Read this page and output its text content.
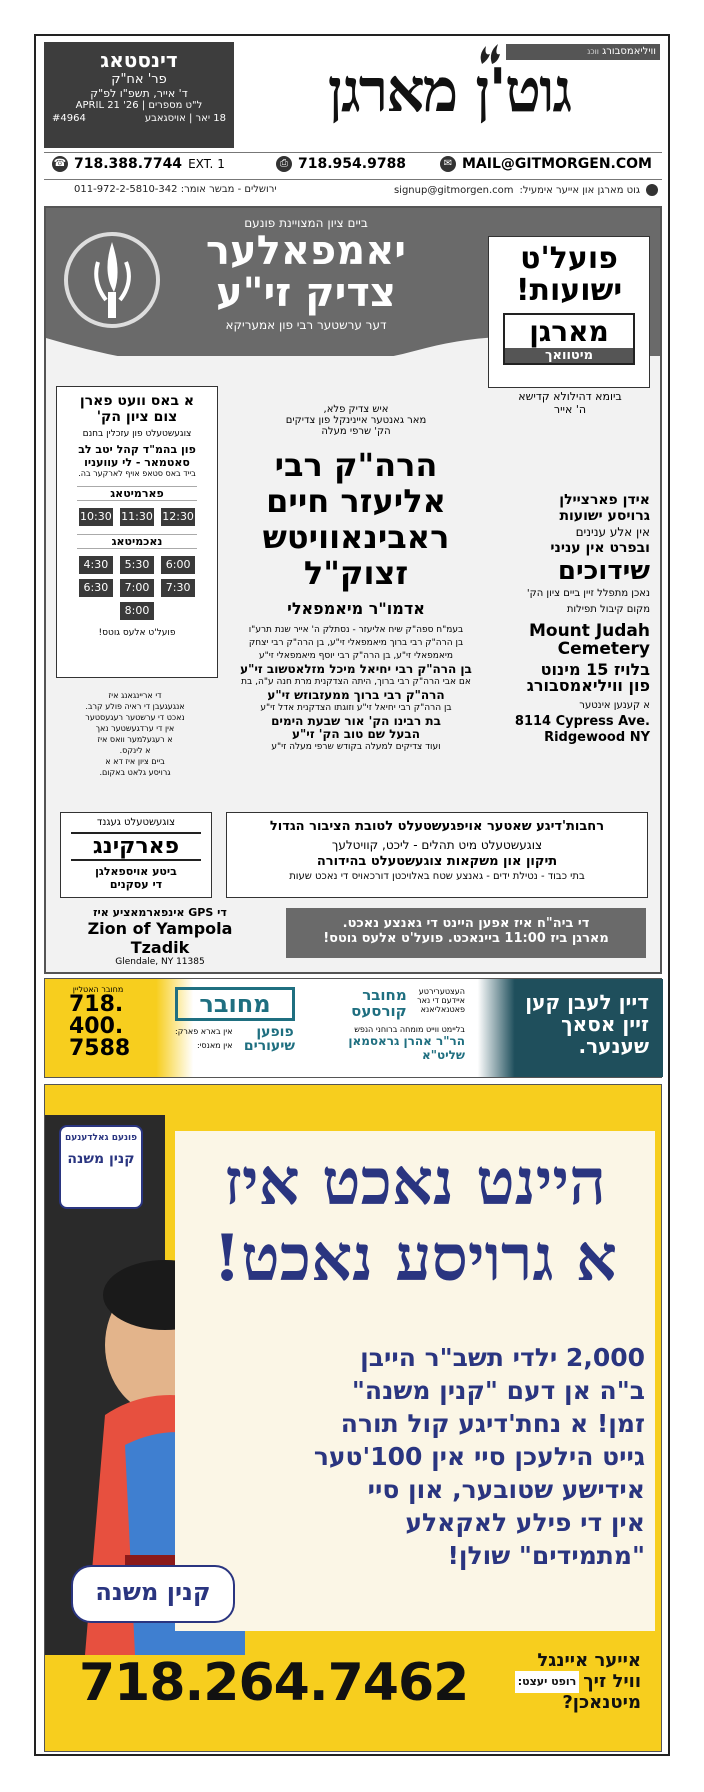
דינסטאג
פר' אח"ק
ד' אייר, תשפ"ו לפ"ק
APRIL 21 '26 | ל"ט מספרים
#4964	18 יאר | אויסגאבע
וויליאמסבורג ווכנ
גוט'ן מארגן
☎ 718.388.7744 EXT. 1	⎙ 718.954.9788	✉ MAIL@GITMORGEN.COM
גוט מארגן און אייער אימעיל:
signup@gitmorgen.com
ירושלים - מבשר אומר: 011-972-2-5810-342
ביים ציון המצויינת פונעם
יאמפאלער
צדיק זי"ע
דער ערשטער רבי פון אמעריקא
פועל'ט
ישועות!
מארגן
מיטוואך
ביומא דהילולא קדישא
ה' אייר
אידן פארציילן
גרויסע ישועות
אין אלע ענינים
ובפרט אין עניני
שידוכים
נאכן מתפלל זיין ביים ציון הק'
מקום קיבול תפילות
Mount Judah Cemetery
בלויז 15 מינוט
פון וויליאמסבורג
א קענען אינטער
8114 Cypress Ave.
Ridgewood NY
איש צדיק פלא,
מאר גאנטער איינינקל פון צדיקים
הק' שרפי מעלה
הרה"ק רבי
אליעזר חיים
ראבינאוויטש
זצוק"ל
אדמו"ר מיאמפאלי
בעמ"ח ספה"ק שיח אליעזר - נסתלק ה' אייר שנת תרע"ו
בן הרה"ק רבי ברוך מיאמפאלי זי"ע, בן הרה"ק רבי יצחק
מיאמפאלי זי"ע, בן הרה"ק רבי יוסף מיאמפאלי זי"ע
בן הרה"ק רבי יחיאל מיכל מזלאטשוב זי"ע
אם אבי הרה"ק רבי ברוך, היתה הצדקנית מרת חנה ע"ה, בת
הרה"ק רבי ברוך ממעזבוזש זי"ע
בן הרה"ק רבי יחיאל זי"ע וזוגתו הצדקנית אדל זי"ע
בת רבינו הק' אור שבעת הימים
הבעל שם טוב הק' זי"ע
ועוד צדיקים למעלה בקודש שרפי מעלה זי"ע
א באס וועט פארן
צום ציון הק'
צוגעשטעלט פון עזכלין בחנם
פון בהמ"ד קהל יטב לב
סאטמאר - לי עוועניו
בייד באס סטאפ אויף לארקער בה.
פארמיטאג
10:30 11:30 12:30
נאכמיטאג
4:30 5:30 6:00
6:30 7:00 7:30
8:00
פועל'ט אלעס גוטס!
די אריינגאנג איז
אנגעגעבן די ראיה פולע קרב.
נאכט די ערשטער רעגעסטער
אין די ערדגעשטער נאך
א רעגעלמער וואס איז
א לינקס.
ביים ציון איז דא א
גרויסע גלאט באקום.
צוגעשטעלט געגנד
פארקינג
ביטע אויספאלגן
די עסקנים
רחבות'דיגע שאטער אויפגעשטעלט לטובת הציבור הגדול
צוגעשטעלט מיט תהלים - ליכט, קוויטלעך
תיקון און משקאות צוגעשטעלט בהידורה
בתי כבוד - נטילת ידים - גאנצע שטח באלויכטן דורכאויס די נאכט שעות
די GPS אינפארמאציע איז
Zion of Yampola Tzadik
Glendale, NY 11385
די ביה"ח איז אפען היינט די גאנצע נאכט.
מארגן ביז 11:00 ביינאכט. פועל'ט אלעס גוטס!
מחובר האטליין
718.
400.
7588
מחובר
פופען שיעורים
אין בארא פארק:
אין מאנסי:
העצטערירטע איידעם די נאר פאטנאליאנא
מחובר קורסעס
בליימט ווייט מומחה ברוחני הנפש
הר"ר אהרן גראסמאן שליט"א
דיין לעבן קען זיין אסאך שענער.
פונעם גאלדענעם
קנין משנה	היינט נאכט איז
א גרויסע נאכט!
2,000 ילדי תשב"ר הייבן
ב"ה אן דעם "קנין משנה"
זמן! א נחת'דיגע קול תורה
גייט הילעכן סיי אין 100'טער
אידישע שטובער, און סיי
אין די פילע לאקאלע
"מתמידים" שולן!
קנין משנה
718.264.7462	אייער איינגל
וויל זיך
רופט יעצט:
מיטנאכן?
